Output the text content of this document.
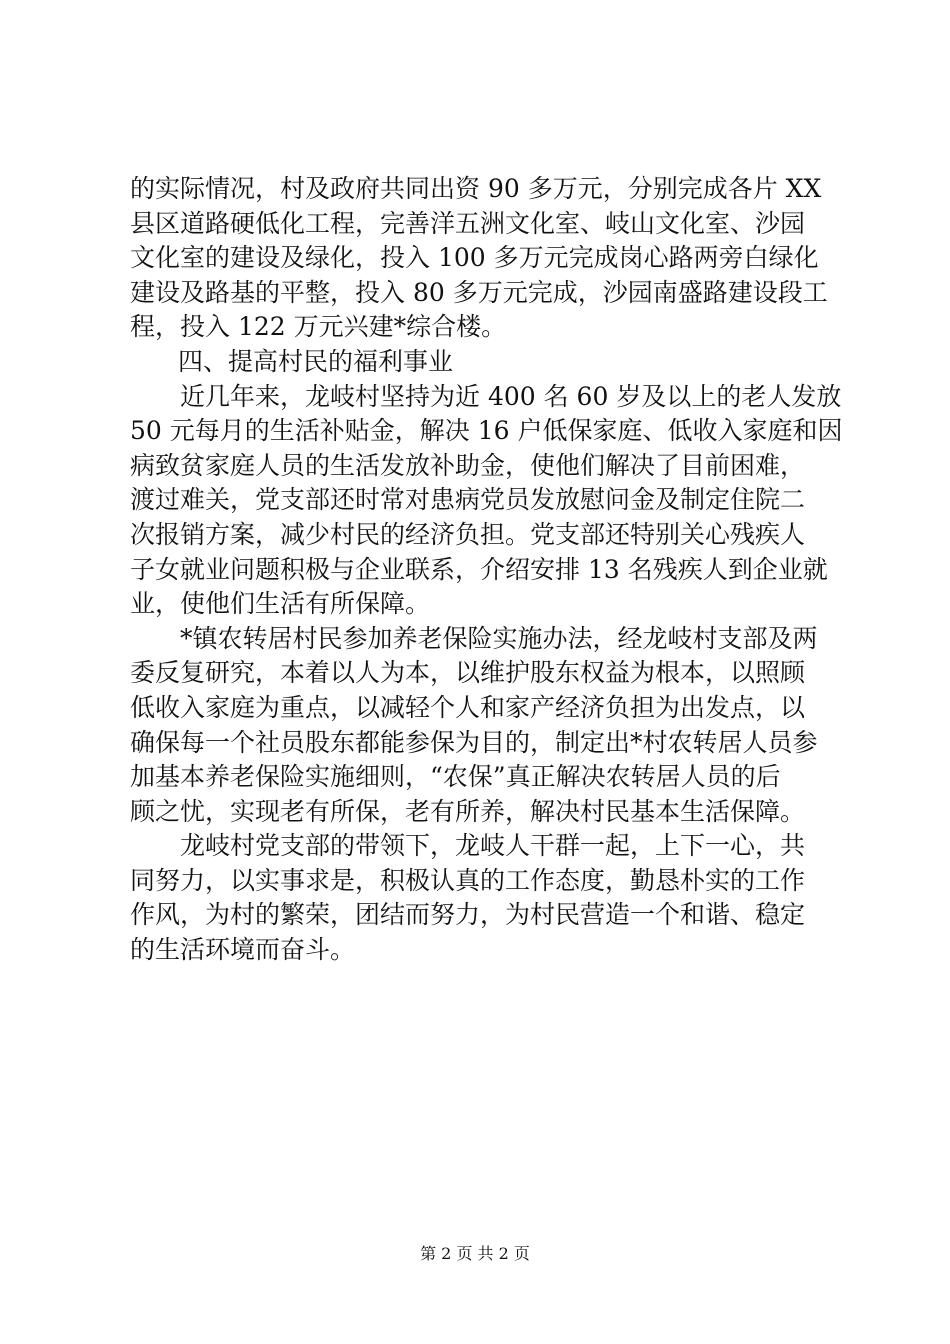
的实际情况，村及政府共同出资 90 多万元，分别完成各片 XX
县区道路硬低化工程，完善洋五洲文化室、岐山文化室、沙园
文化室的建设及绿化，投入 100 多万元完成岗心路两旁白绿化
建设及路基的平整，投入 80 多万元完成，沙园南盛路建设段工
程，投入 122 万元兴建*综合楼。
四、提高村民的福利事业
近几年来，龙岐村坚持为近 400 名 60 岁及以上的老人发放
50 元每月的生活补贴金，解决 16 户低保家庭、低收入家庭和因
病致贫家庭人员的生活发放补助金，使他们解决了目前困难，
渡过难关，党支部还时常对患病党员发放慰问金及制定住院二
次报销方案，减少村民的经济负担。党支部还特别关心残疾人
子女就业问题积极与企业联系，介绍安排 13 名残疾人到企业就
业，使他们生活有所保障。
*镇农转居村民参加养老保险实施办法，经龙岐村支部及两
委反复研究，本着以人为本，以维护股东权益为根本，以照顾
低收入家庭为重点，以减轻个人和家产经济负担为出发点，以
确保每一个社员股东都能参保为目的，制定出*村农转居人员参
加基本养老保险实施细则，“农保”真正解决农转居人员的后
顾之忧，实现老有所保，老有所养，解决村民基本生活保障。
龙岐村党支部的带领下，龙岐人干群一起，上下一心，共
同努力，以实事求是，积极认真的工作态度，勤恳朴实的工作
作风，为村的繁荣，团结而努力，为村民营造一个和谐、稳定
的生活环境而奋斗。
第 2 页 共 2 页
